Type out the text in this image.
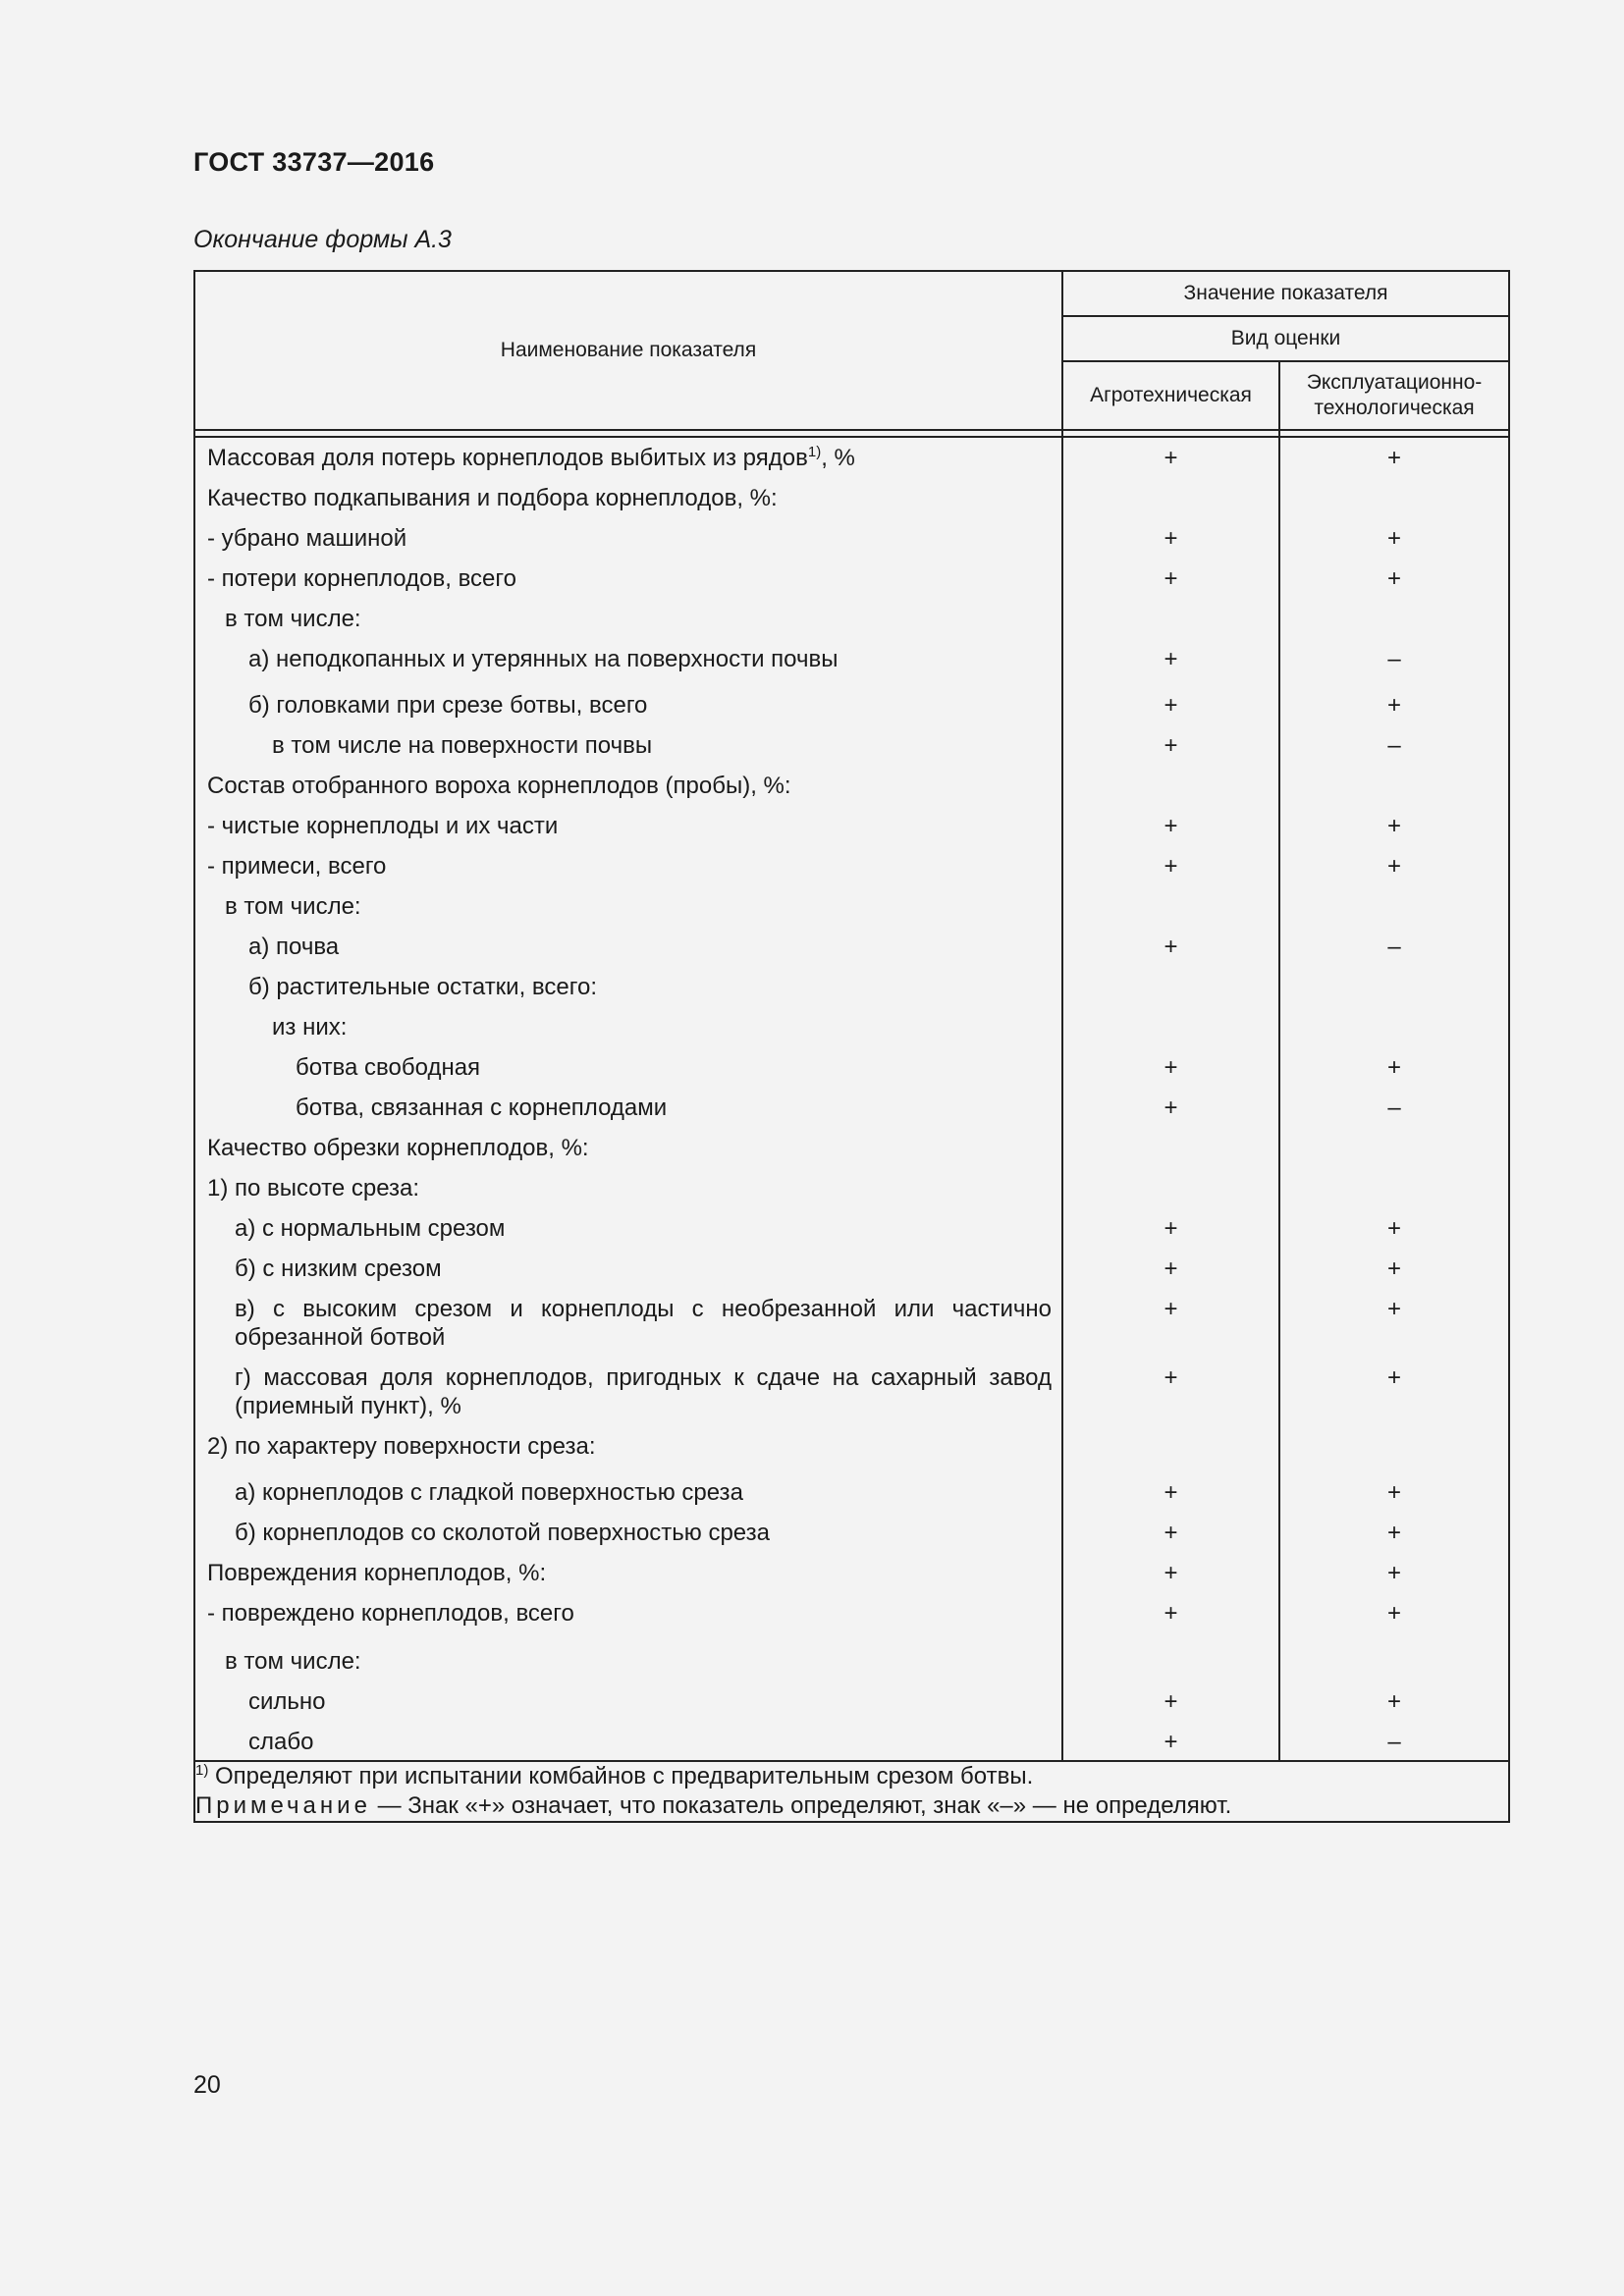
ГОСТ 33737—2016
Окончание формы А.3
Наименование показателя	Значение показателя	
	Вид оценки	
	Агротехническая	Эксплуатационно-
технологическая

Массовая доля потерь корнеплодов выбитых из рядов$^{1)}$, %	+	+

Качество подкапывания и подбора корнеплодов, %:		

- убрано машиной	+	+

- потери корнеплодов, всего	+	+

в том числе:		

а) неподкопанных и утерянных на поверхности почвы	+	–

б) головками при срезе ботвы, всего	+	+

в том числе на поверхности почвы	+	–

Состав отобранного вороха корнеплодов (пробы), %:		

- чистые корнеплоды и их части	+	+

- примеси, всего	+	+

в том числе:		

а) почва	+	–

б) растительные остатки, всего:		

из них:		

ботва свободная	+	+

ботва, связанная с корнеплодами	+	–

Качество обрезки корнеплодов, %:		

1) по высоте среза:		

а) с нормальным срезом	+	+

б) с низким срезом	+	+

в) с высоким срезом и корнеплоды с необрезанной или частично обрезанной ботвой	+	+

г) массовая доля корнеплодов, пригодных к сдаче на сахарный завод (приемный пункт), %	+	+

2) по характеру поверхности среза:		

а) корнеплодов с гладкой поверхностью среза	+	+

б) корнеплодов со сколотой поверхностью среза	+	+

Повреждения корнеплодов, %:	+	+

- повреждено корнеплодов, всего	+	+

в том числе:		

сильно	+	+

слабо	+	–

$^{1)}$ Определяют при испытании комбайнов с предварительным срезом ботвы.
Примечание — Знак «+» означает, что показатель определяют, знак «–» — не определяют.		
20
